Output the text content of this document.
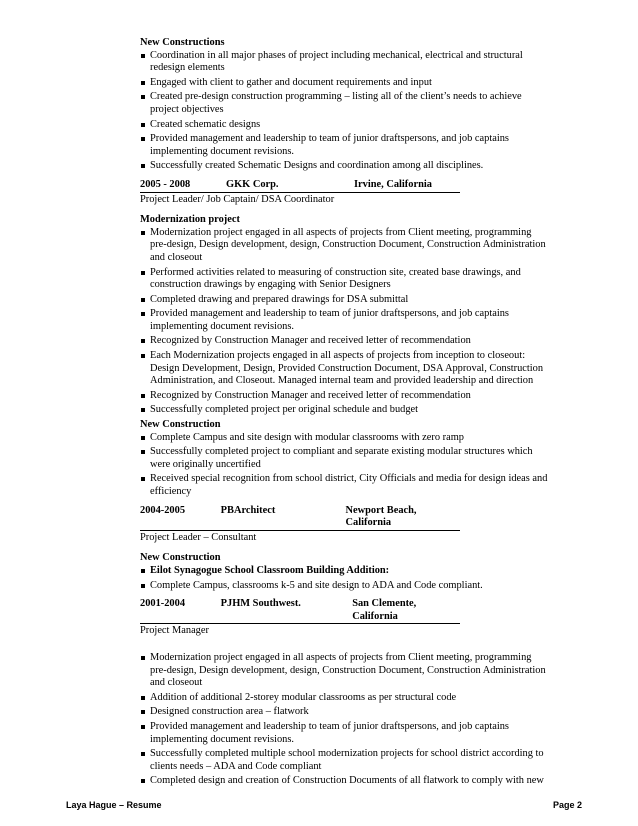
New Constructions

Coordination in all major phases of project including mechanical, electrical and structural redesign elements
Engaged with client to gather and document requirements and input
Created pre-design construction programming – listing all of the client’s needs to achieve project objectives
Created schematic designs
Provided management and leadership to team of junior draftspersons, and job captains implementing document revisions.
Successfully created Schematic Designs and coordination among all disciplines.
2005 - 2008	GKK Corp.	Irvine, California

Project Leader/ Job Captain/ DSA Coordinator

Modernization project

Modernization project engaged in all aspects of projects from Client meeting, programming pre-design, Design development, design, Construction Document, Construction Administration and closeout
Performed activities related to measuring of construction site, created base drawings, and construction drawings by engaging with Senior Designers
Completed drawing and prepared drawings for DSA submittal
Provided management and leadership to team of junior draftspersons, and job captains implementing document revisions.
Recognized by Construction Manager and received letter of recommendation
Each Modernization projects engaged in all aspects of projects from inception to closeout: Design Development, Design, Provided Construction Document, DSA Approval, Construction Administration, and Closeout. Managed internal team and provided leadership and direction
Recognized by Construction Manager and received letter of recommendation
Successfully completed project per original schedule and budget

New Construction

Complete Campus and site design with modular classrooms with zero ramp
Successfully completed project to compliant and separate existing modular structures which were originally uncertified
Received special recognition from school district, City Officials and media for design ideas and efficiency
2004-2005	PBArchitect	Newport Beach, California

Project Leader – Consultant

New Construction

Eilot Synagogue School Classroom Building Addition:
Complete Campus, classrooms k-5 and site design to ADA and Code compliant.
2001-2004	PJHM Southwest.	San Clemente, California

Project Manager

Modernization project engaged in all aspects of projects from Client meeting, programming pre-design, Design development, design, Construction Document, Construction Administration and closeout
Addition of additional 2-storey modular classrooms as per structural code
Designed construction area – flatwork
Provided management and leadership to team of junior draftspersons, and job captains implementing document revisions.
Successfully completed multiple school modernization projects for school district according to clients needs – ADA and Code compliant
Completed design and creation of Construction Documents of all flatwork to comply with new
Laya Hague – Resume	Page 2
